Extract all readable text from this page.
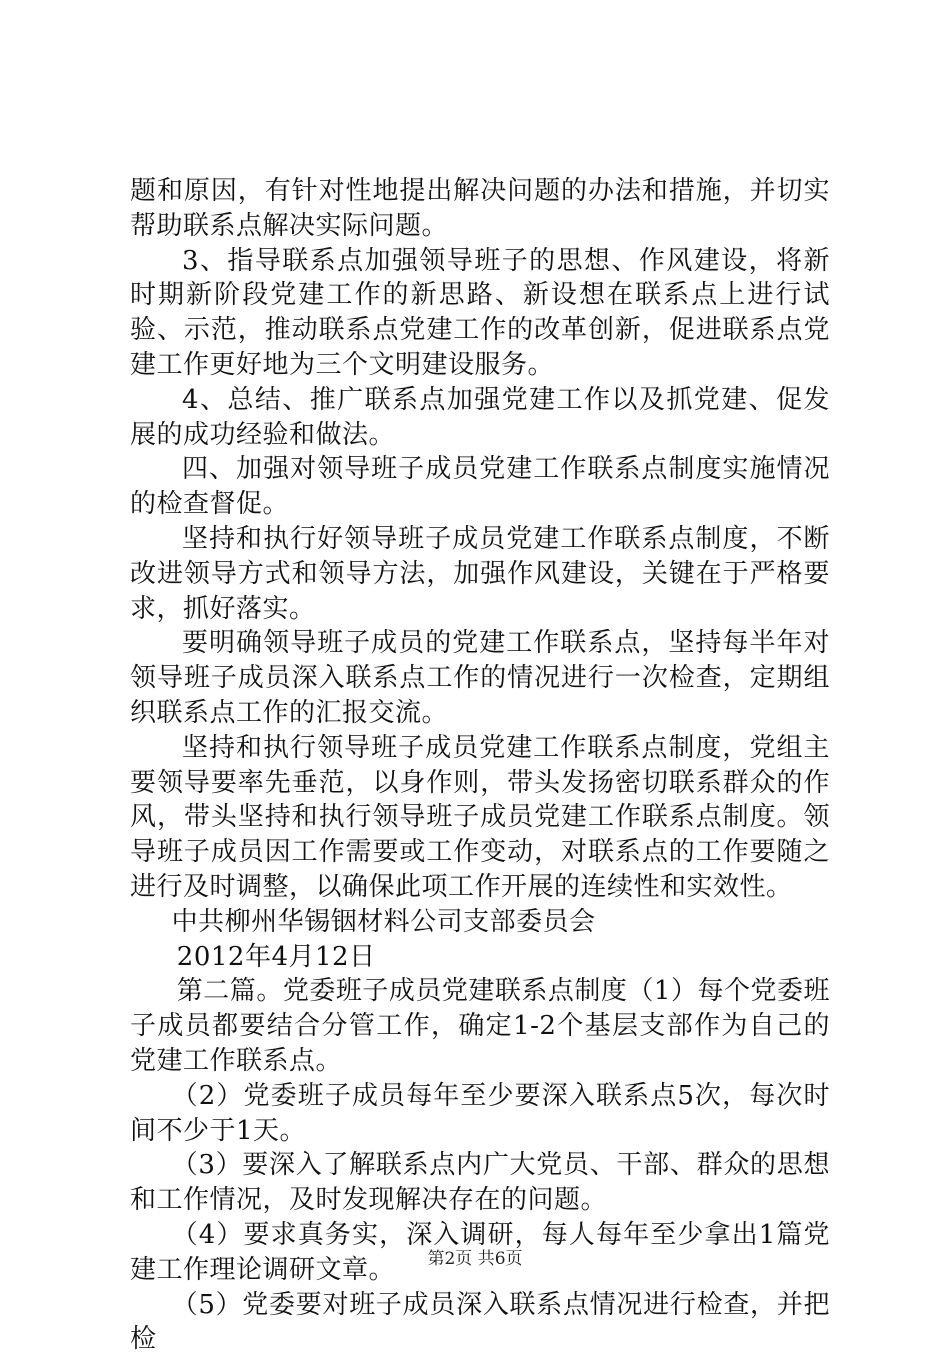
题和原因，有针对性地提出解决问题的办法和措施，并切实帮助联系点解决实际问题。

3、指导联系点加强领导班子的思想、作风建设，将新时期新阶段党建工作的新思路、新设想在联系点上进行试验、示范，推动联系点党建工作的改革创新，促进联系点党建工作更好地为三个文明建设服务。

4、总结、推广联系点加强党建工作以及抓党建、促发展的成功经验和做法。

四、加强对领导班子成员党建工作联系点制度实施情况的检查督促。

坚持和执行好领导班子成员党建工作联系点制度，不断改进领导方式和领导方法，加强作风建设，关键在于严格要求，抓好落实。

要明确领导班子成员的党建工作联系点，坚持每半年对领导班子成员深入联系点工作的情况进行一次检查，定期组织联系点工作的汇报交流。

坚持和执行领导班子成员党建工作联系点制度，党组主要领导要率先垂范，以身作则，带头发扬密切联系群众的作风，带头坚持和执行领导班子成员党建工作联系点制度。领导班子成员因工作需要或工作变动，对联系点的工作要随之进行及时调整，以确保此项工作开展的连续性和实效性。

中共柳州华锡铟材料公司支部委员会

2012年4月12日

第二篇。党委班子成员党建联系点制度（1）每个党委班子成员都要结合分管工作，确定1-2个基层支部作为自己的党建工作联系点。

（2）党委班子成员每年至少要深入联系点5次，每次时间不少于1天。

（3）要深入了解联系点内广大党员、干部、群众的思想和工作情况，及时发现解决存在的问题。

（4）要求真务实，深入调研，每人每年至少拿出1篇党建工作理论调研文章。

（5）党委要对班子成员深入联系点情况进行检查，并把检

第2页 共6页
